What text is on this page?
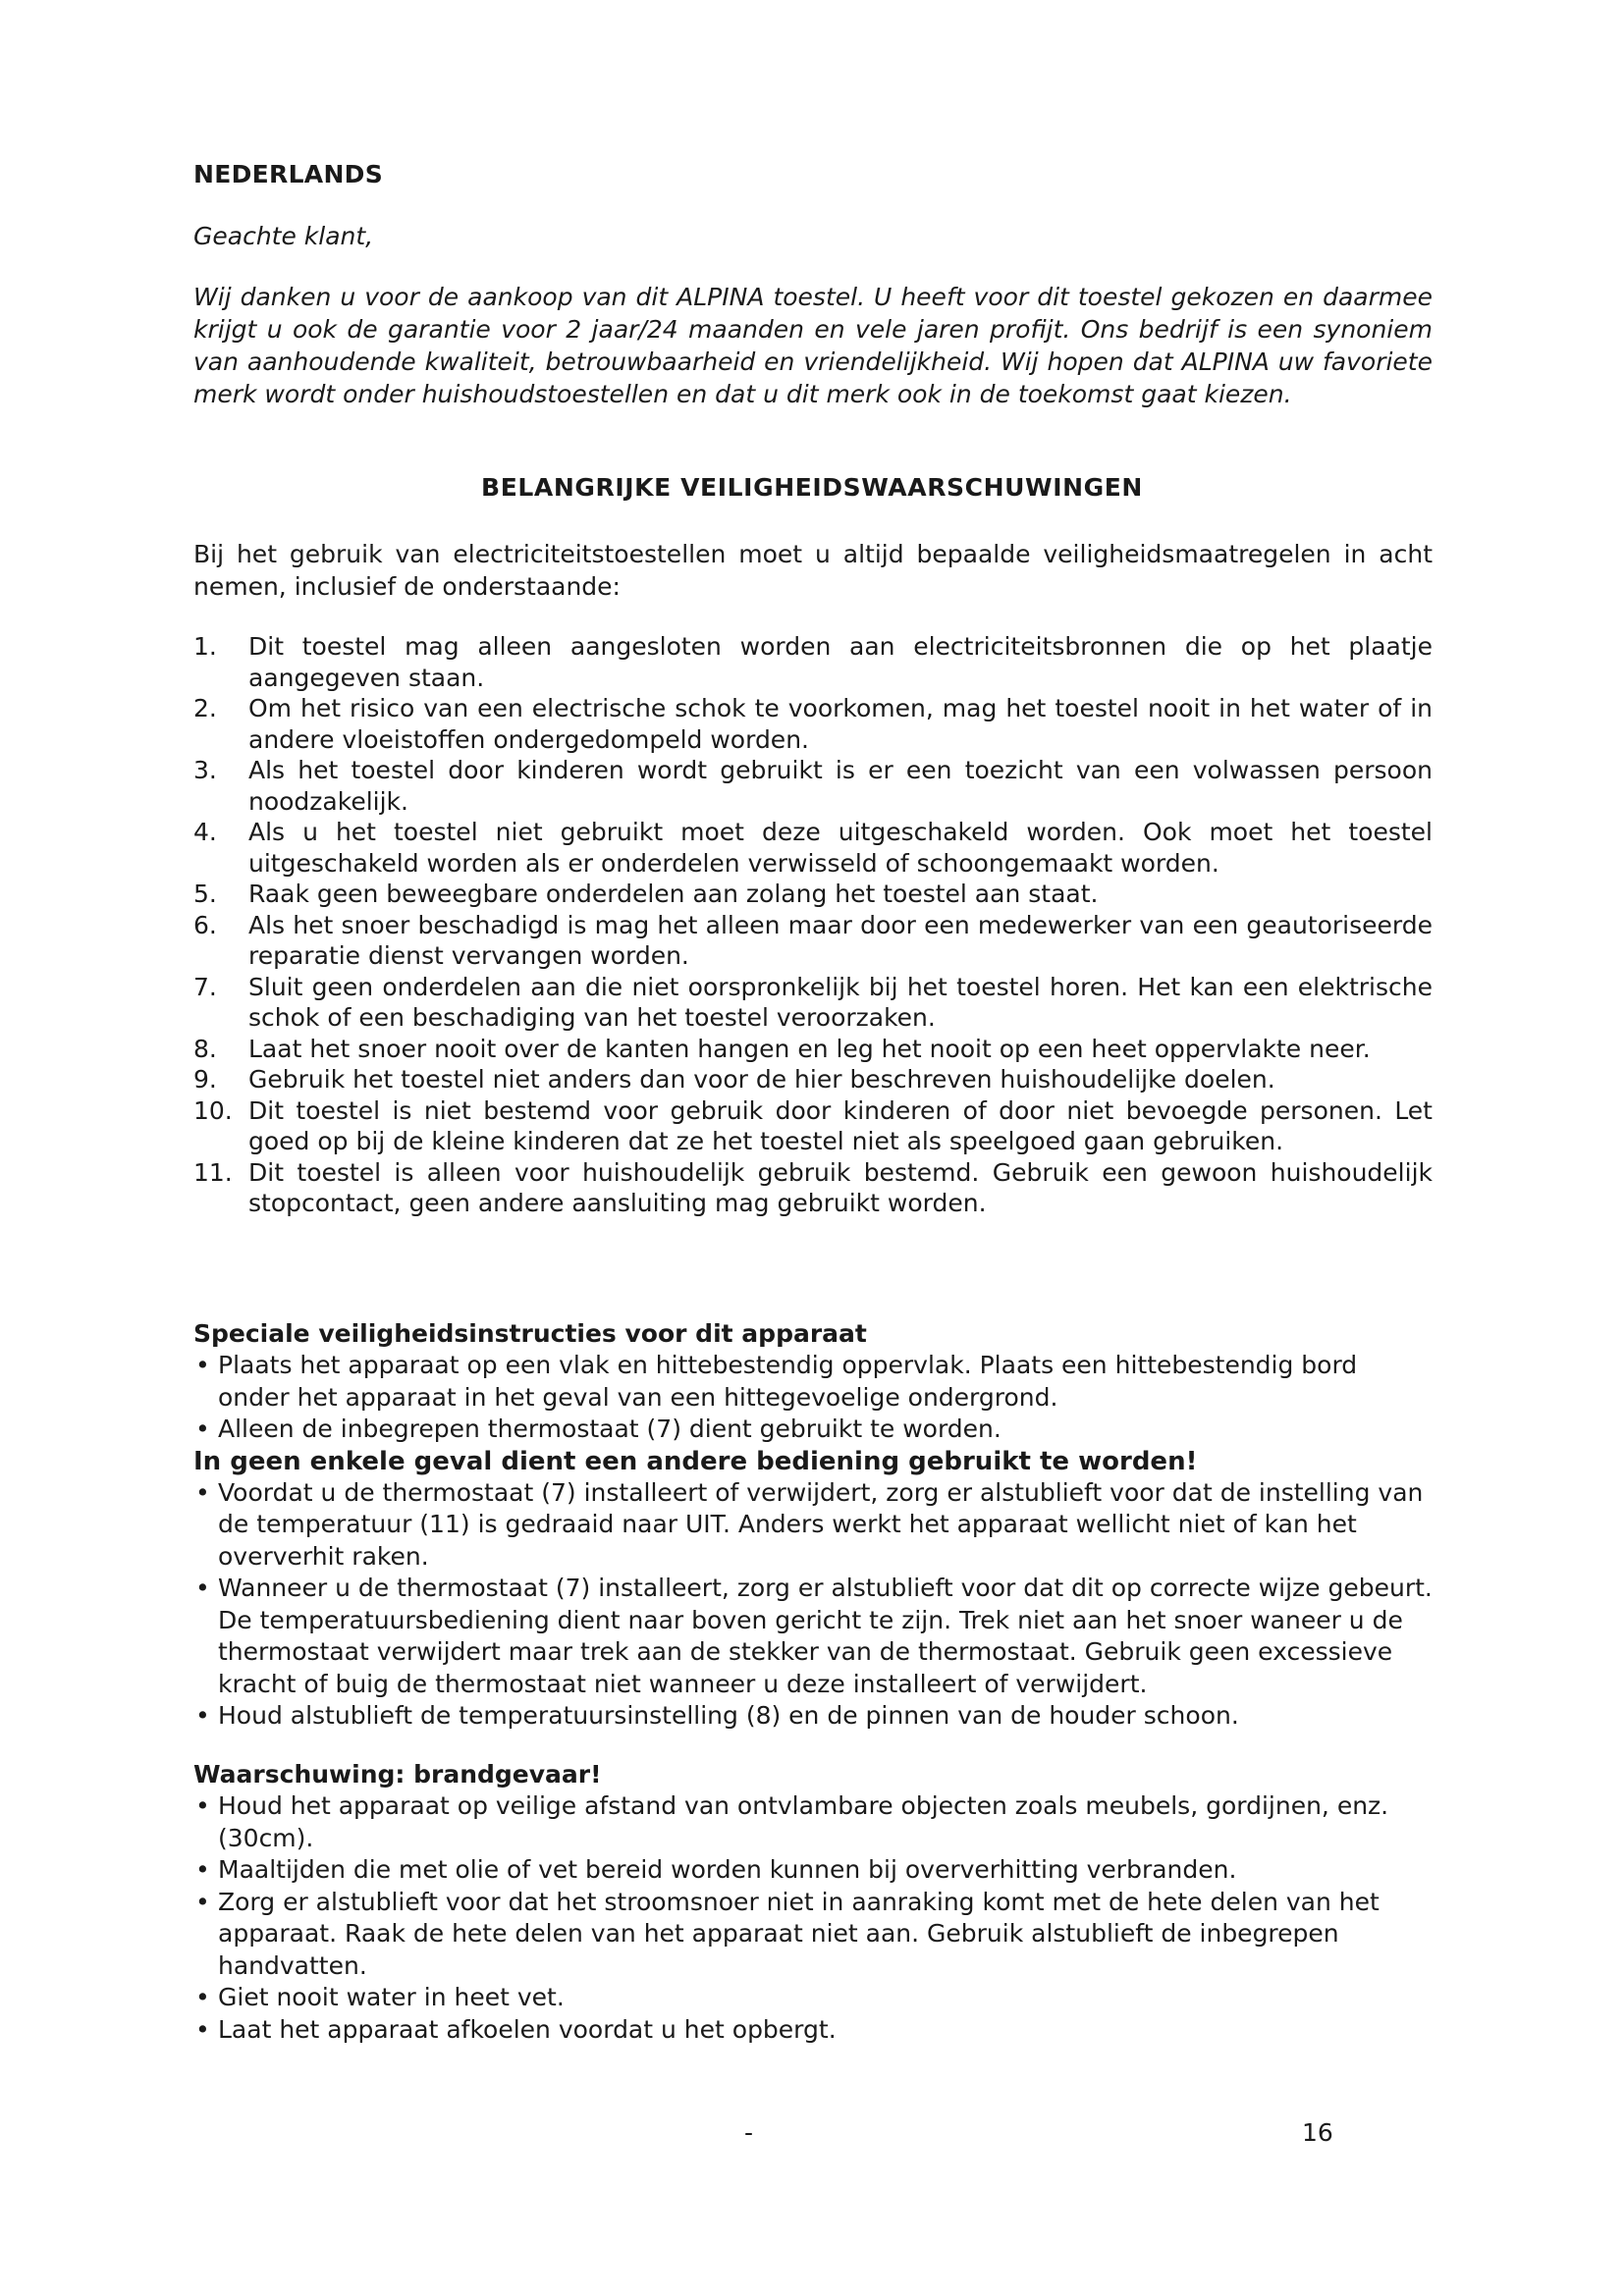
NEDERLANDS

Geachte klant,

Wij danken u voor de aankoop van dit ALPINA toestel. U heeft voor dit toestel gekozen en daarmee krijgt u ook de garantie voor 2 jaar/24 maanden en vele jaren profijt. Ons bedrijf is een synoniem van aanhoudende kwaliteit, betrouwbaarheid en vriendelijkheid. Wij hopen dat ALPINA uw favoriete merk wordt onder huishoudstoestellen en dat u dit merk ook in de toekomst gaat kiezen.

BELANGRIJKE VEILIGHEIDSWAARSCHUWINGEN

Bij het gebruik van electriciteitstoestellen moet u altijd bepaalde veiligheidsmaatregelen in acht nemen, inclusief de onderstaande:

1. Dit toestel mag alleen aangesloten worden aan electriciteitsbronnen die op het plaatje aangegeven staan.
2. Om het risico van een electrische schok te voorkomen, mag het toestel nooit in het water of in andere vloeistoffen ondergedompeld worden.
3. Als het toestel door kinderen wordt gebruikt is er een toezicht van een volwassen persoon noodzakelijk.
4. Als u het toestel niet gebruikt moet deze uitgeschakeld worden. Ook moet het toestel uitgeschakeld worden als er onderdelen verwisseld of schoongemaakt worden.
5. Raak geen beweegbare onderdelen aan zolang het toestel aan staat.
6. Als het snoer beschadigd is mag het alleen maar door een medewerker van een geautoriseerde reparatie dienst vervangen worden.
7. Sluit geen onderdelen aan die niet oorspronkelijk bij het toestel horen. Het kan een elektrische schok of een beschadiging van het toestel veroorzaken.
8. Laat het snoer nooit over de kanten hangen en leg het nooit op een heet oppervlakte neer.
9. Gebruik het toestel niet anders dan voor de hier beschreven huishoudelijke doelen.
10. Dit toestel is niet bestemd voor gebruik door kinderen of door niet bevoegde personen. Let goed op bij de kleine kinderen dat ze het toestel niet als speelgoed gaan gebruiken.
11. Dit toestel is alleen voor huishoudelijk gebruik bestemd. Gebruik een gewoon huishoudelijk stopcontact, geen andere aansluiting mag gebruikt worden.
Speciale veiligheidsinstructies voor dit apparaat
• Plaats het apparaat op een vlak en hittebestendig oppervlak. Plaats een hittebestendig bord onder het apparaat in het geval van een hittegevoelige ondergrond.
• Alleen de inbegrepen thermostaat (7) dient gebruikt te worden.

In geen enkele geval dient een andere bediening gebruikt te worden!

• Voordat u de thermostaat (7) installeert of verwijdert, zorg er alstublieft voor dat de instelling van de temperatuur (11) is gedraaid naar UIT. Anders werkt het apparaat wellicht niet of kan het oververhit raken.
• Wanneer u de thermostaat (7) installeert, zorg er alstublieft voor dat dit op correcte wijze gebeurt. De temperatuursbediening dient naar boven gericht te zijn. Trek niet aan het snoer waneer u de thermostaat verwijdert maar trek aan de stekker van de thermostaat. Gebruik geen excessieve kracht of buig de thermostaat niet wanneer u deze installeert of verwijdert.
• Houd alstublieft de temperatuursinstelling (8) en de pinnen van de houder schoon.
Waarschuwing: brandgevaar!
• Houd het apparaat op veilige afstand van ontvlambare objecten zoals meubels, gordijnen, enz. (30cm).
• Maaltijden die met olie of vet bereid worden kunnen bij oververhitting verbranden.
• Zorg er alstublieft voor dat het stroomsnoer niet in aanraking komt met de hete delen van het apparaat. Raak de hete delen van het apparaat niet aan. Gebruik alstublieft de inbegrepen handvatten.
• Giet nooit water in heet vet.
• Laat het apparaat afkoelen voordat u het opbergt.
-	16
